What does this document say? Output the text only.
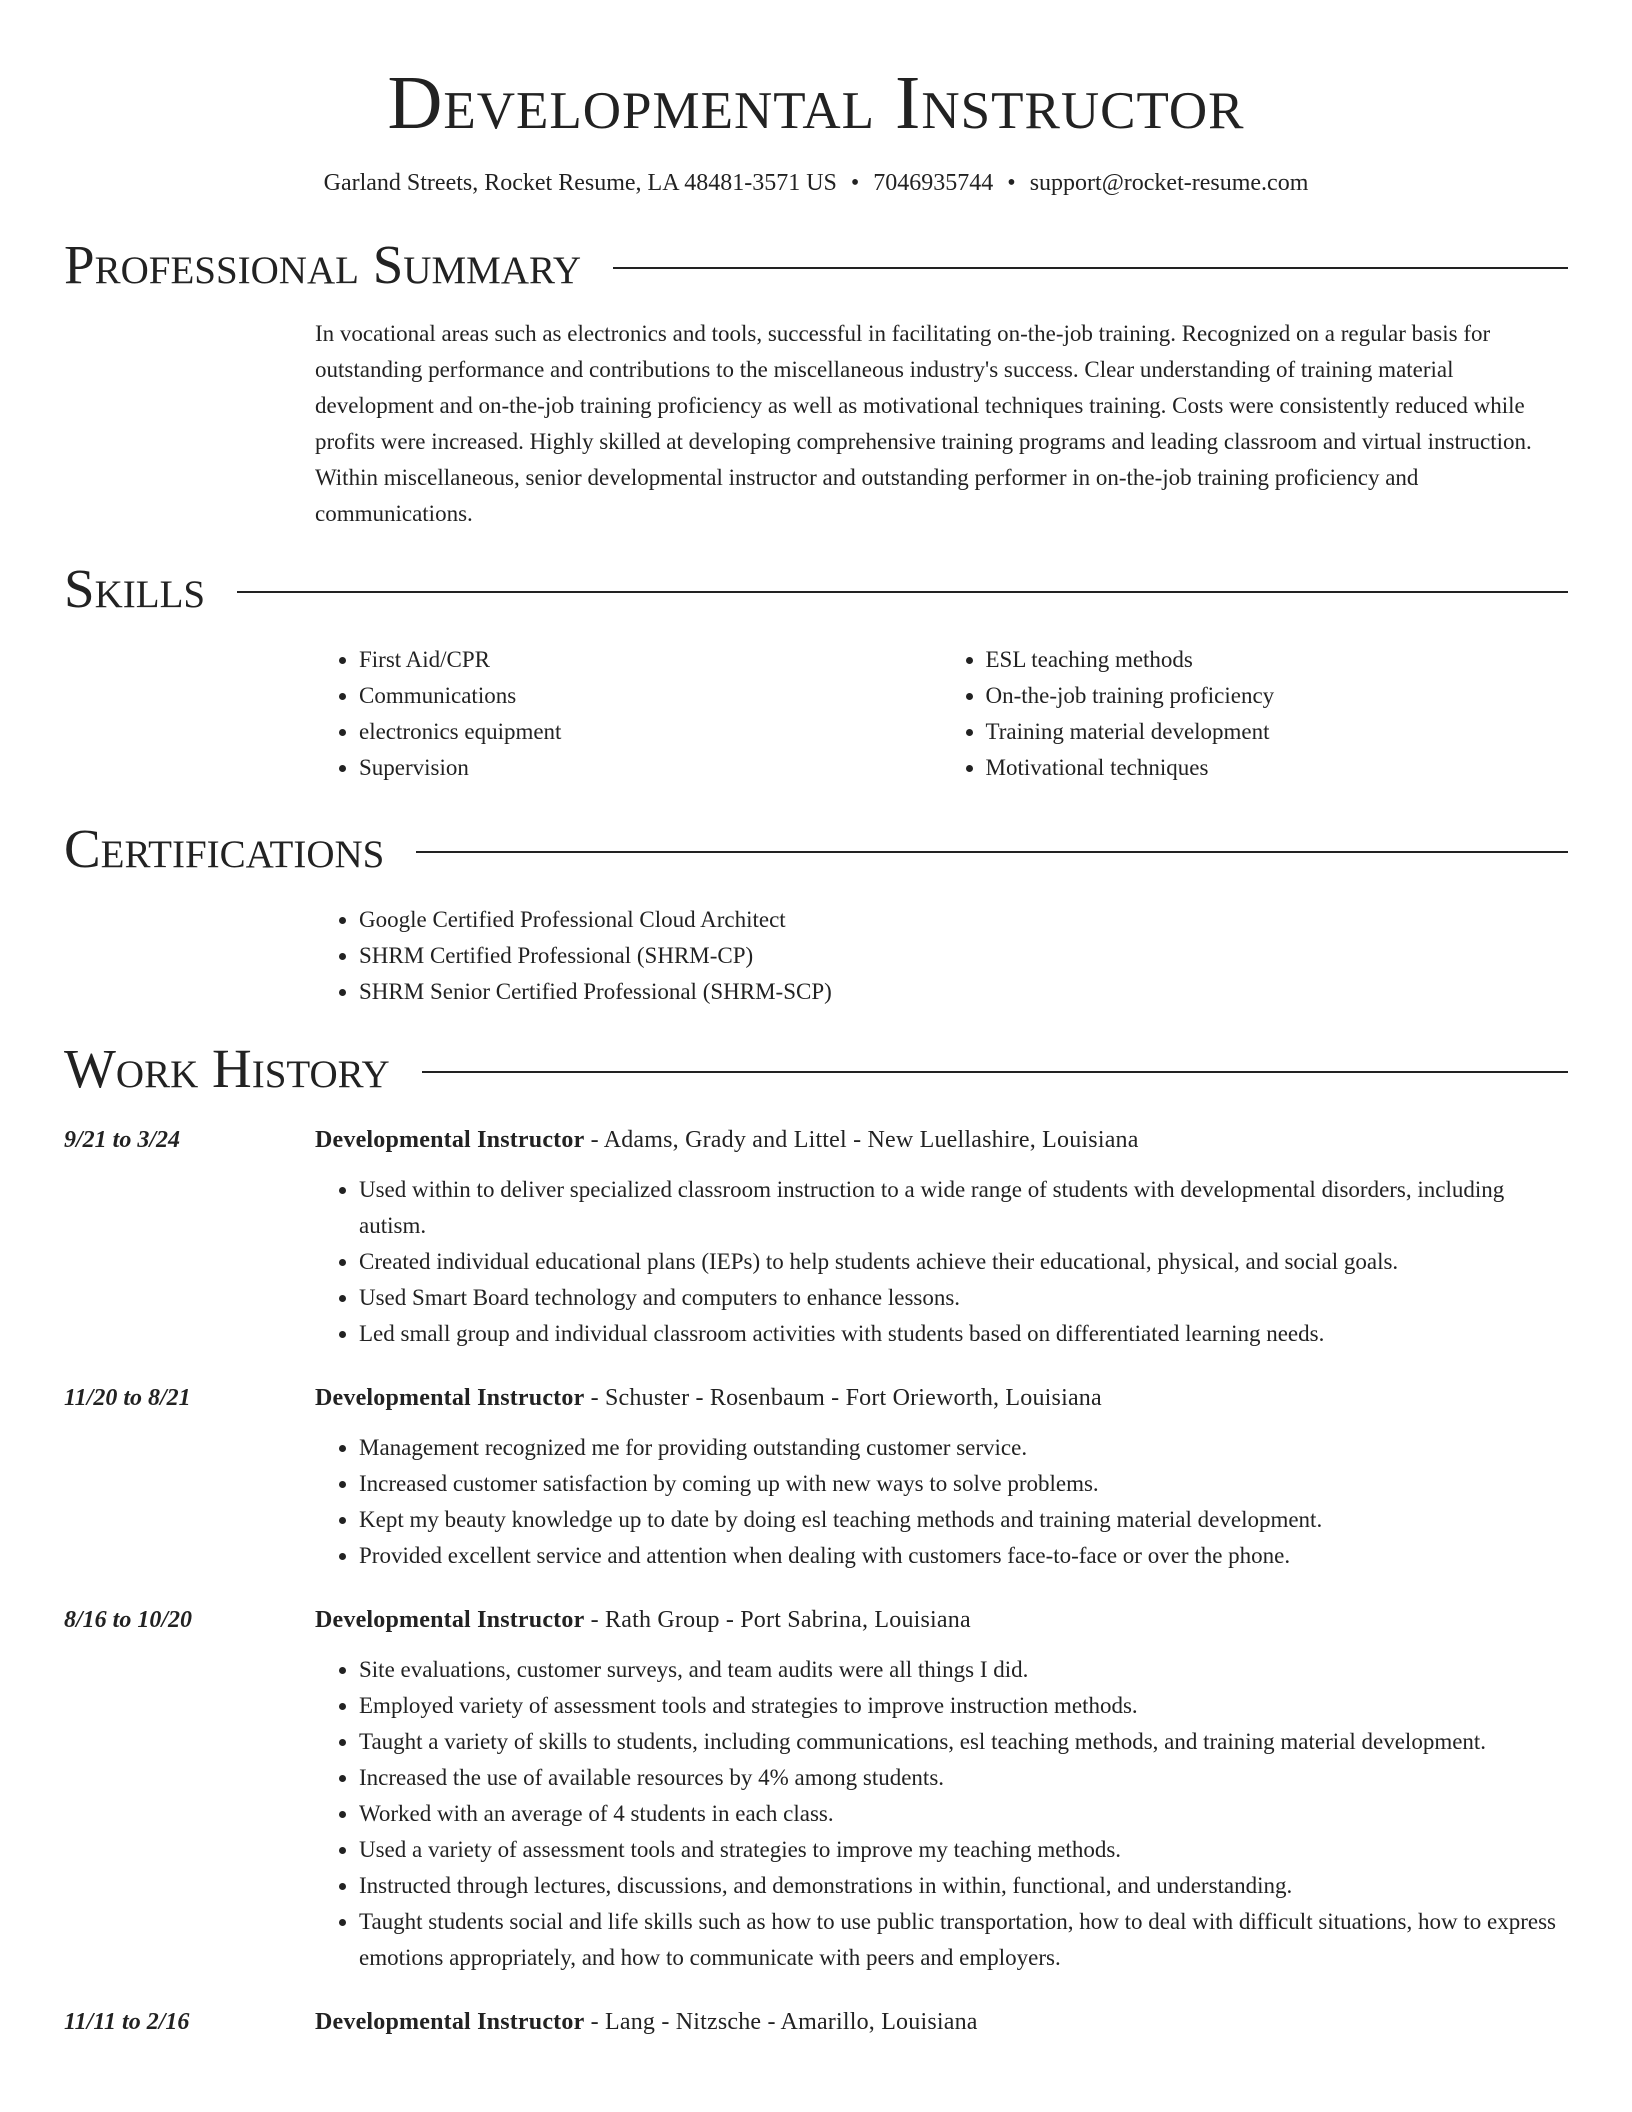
Developmental Instructor
Garland Streets, Rocket Resume, LA 48481-3571 US • 7046935744 • support@rocket-resume.com
Professional Summary
In vocational areas such as electronics and tools, successful in facilitating on-the-job training. Recognized on a regular basis for outstanding performance and contributions to the miscellaneous industry's success. Clear understanding of training material development and on-the-job training proficiency as well as motivational techniques training. Costs were consistently reduced while profits were increased. Highly skilled at developing comprehensive training programs and leading classroom and virtual instruction. Within miscellaneous, senior developmental instructor and outstanding performer in on-the-job training proficiency and communications.
Skills
• First Aid/CPR
• Communications
• electronics equipment
• Supervision
• ESL teaching methods
• On-the-job training proficiency
• Training material development
• Motivational techniques
Certifications
• Google Certified Professional Cloud Architect
• SHRM Certified Professional (SHRM-CP)
• SHRM Senior Certified Professional (SHRM-SCP)
Work History
9/21 to 3/24	Developmental Instructor - Adams, Grady and Littel - New Luellashire, Louisiana
• Used within to deliver specialized classroom instruction to a wide range of students with developmental disorders, including autism.
• Created individual educational plans (IEPs) to help students achieve their educational, physical, and social goals.
• Used Smart Board technology and computers to enhance lessons.
• Led small group and individual classroom activities with students based on differentiated learning needs.
11/20 to 8/21	Developmental Instructor - Schuster - Rosenbaum - Fort Orieworth, Louisiana
• Management recognized me for providing outstanding customer service.
• Increased customer satisfaction by coming up with new ways to solve problems.
• Kept my beauty knowledge up to date by doing esl teaching methods and training material development.
• Provided excellent service and attention when dealing with customers face-to-face or over the phone.
8/16 to 10/20	Developmental Instructor - Rath Group - Port Sabrina, Louisiana
• Site evaluations, customer surveys, and team audits were all things I did.
• Employed variety of assessment tools and strategies to improve instruction methods.
• Taught a variety of skills to students, including communications, esl teaching methods, and training material development.
• Increased the use of available resources by 4% among students.
• Worked with an average of 4 students in each class.
• Used a variety of assessment tools and strategies to improve my teaching methods.
• Instructed through lectures, discussions, and demonstrations in within, functional, and understanding.
• Taught students social and life skills such as how to use public transportation, how to deal with difficult situations, how to express emotions appropriately, and how to communicate with peers and employers.
11/11 to 2/16	Developmental Instructor - Lang - Nitzsche - Amarillo, Louisiana
